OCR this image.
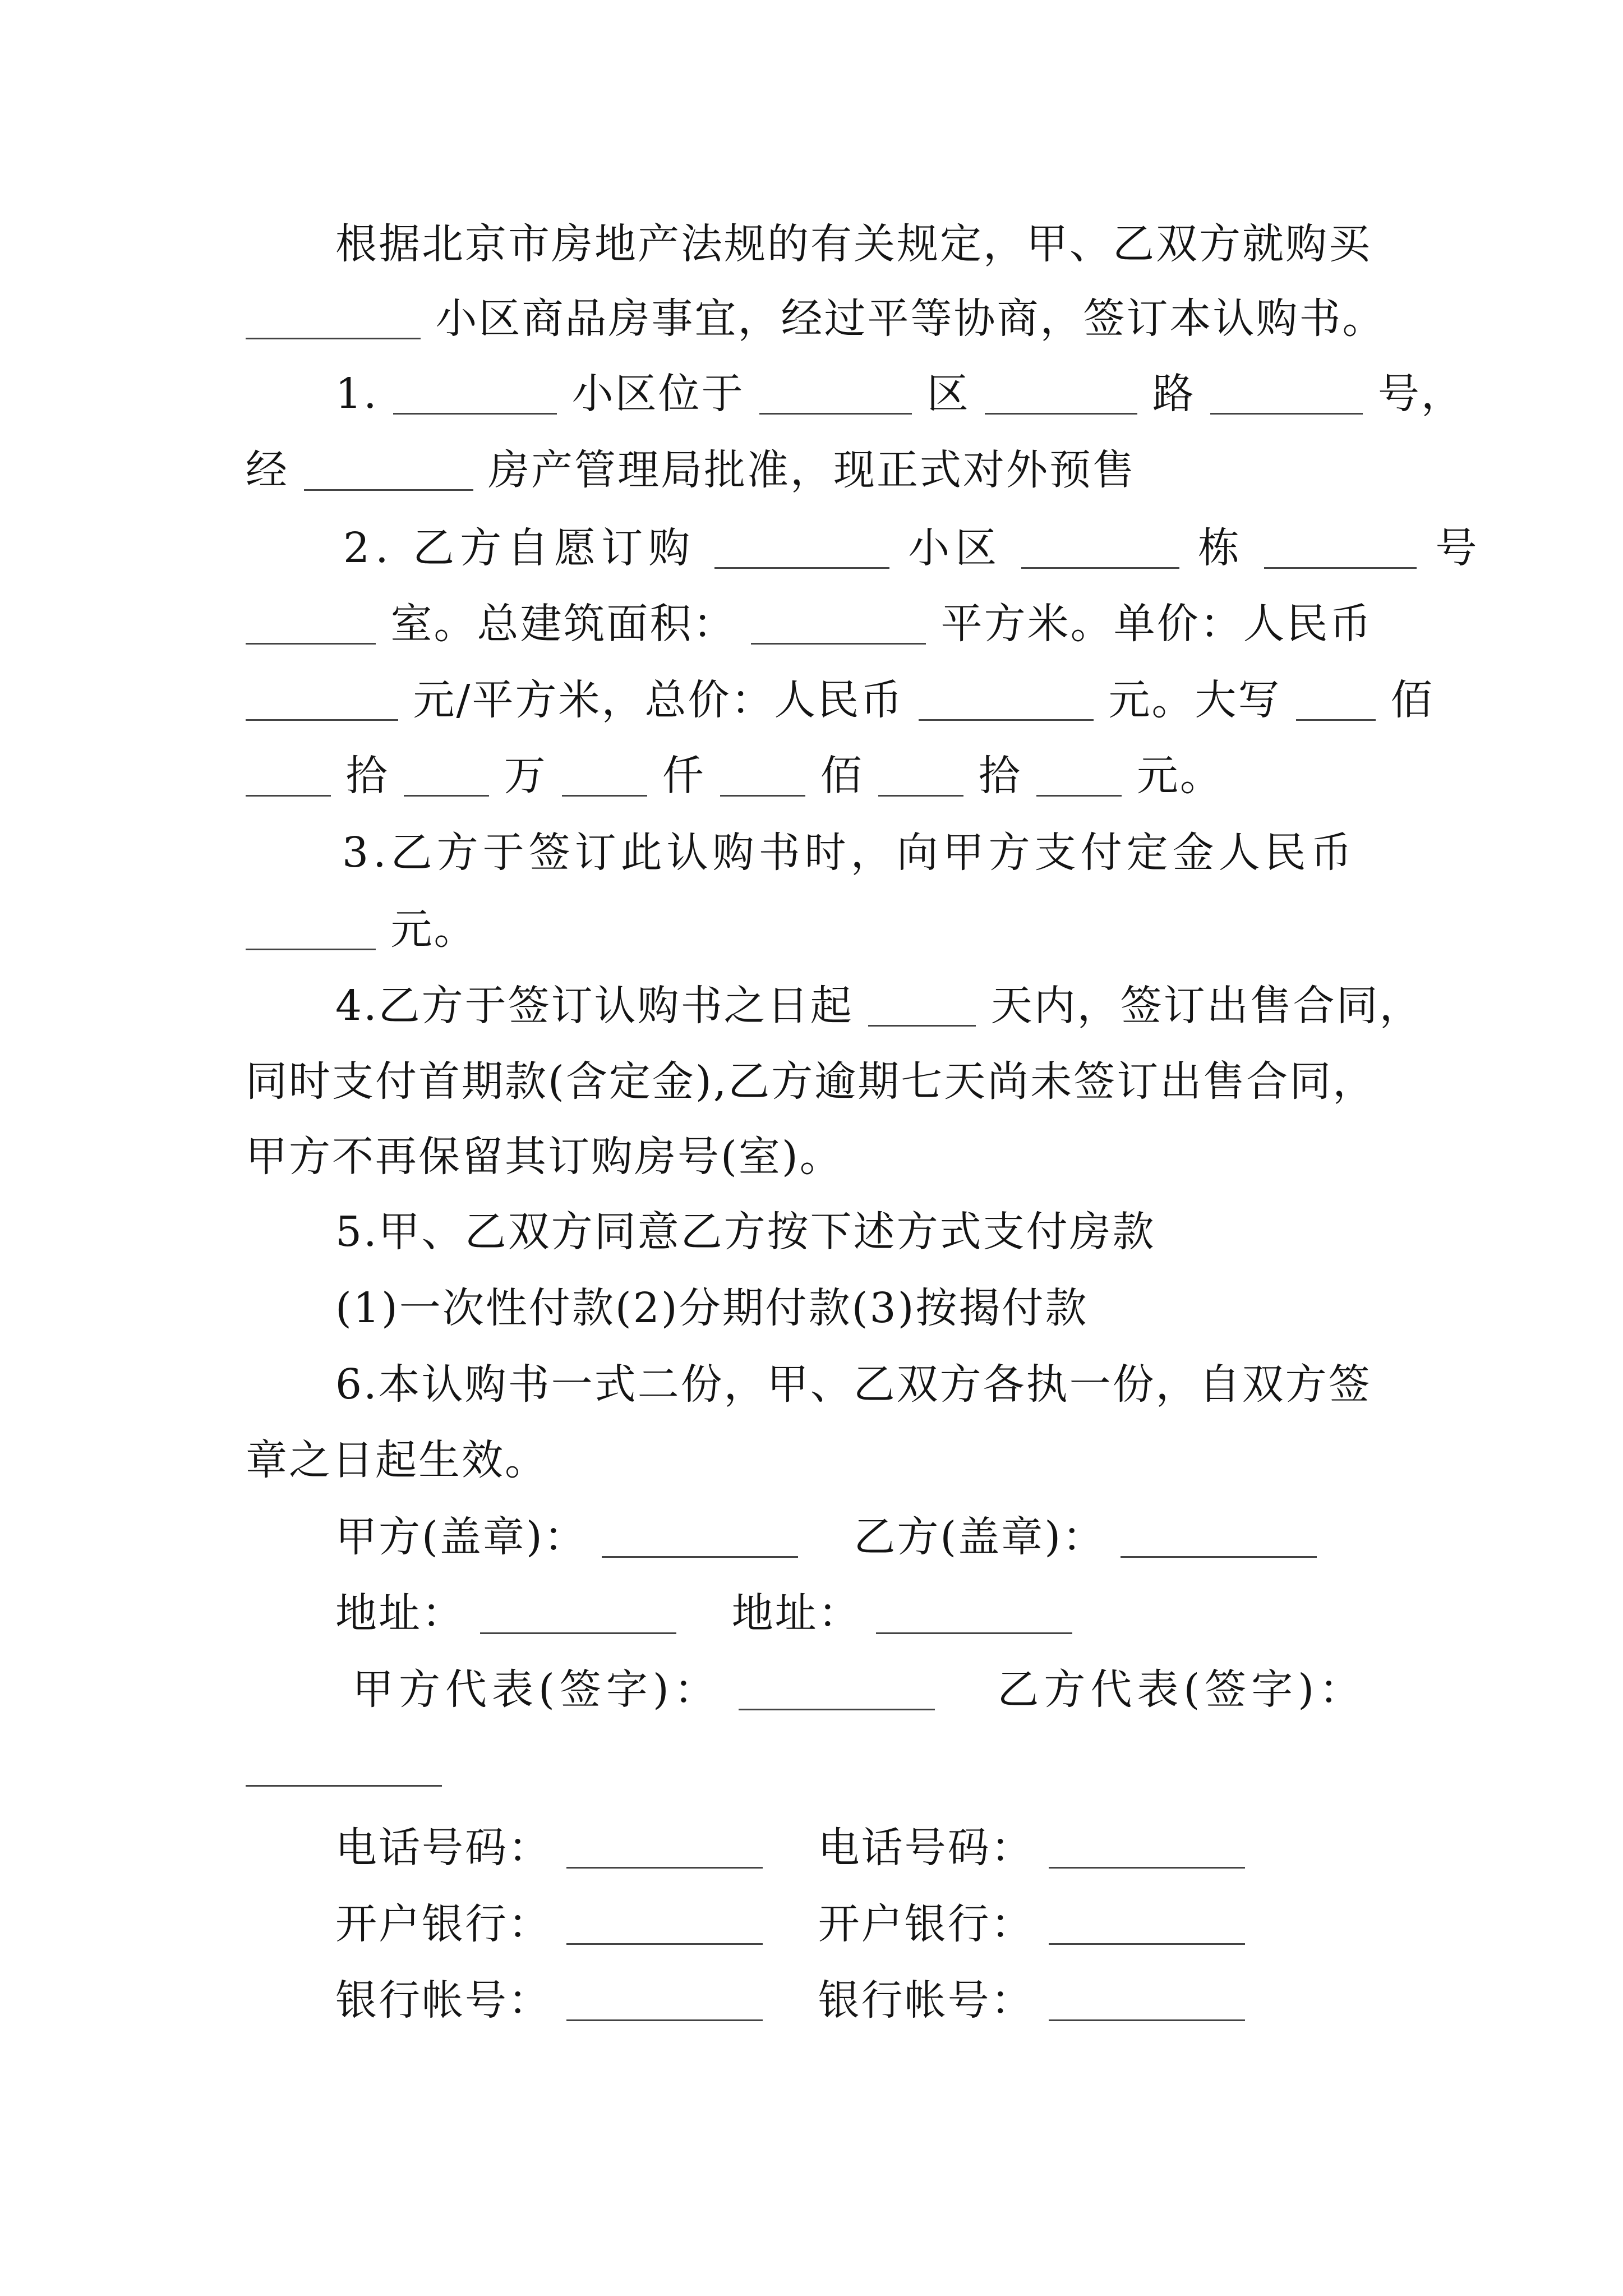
根据北京市房地产法规的有关规定，甲、乙双方就购买
小区商品房事宜，经过平等协商，签订本认购书。
1.	小区位于	区	路	号，
经	房产管理局批准，现正式对外预售
2. 乙方自愿订购	小区	栋	号
室。总建筑面积：	平方米。单价：人民币
元/平方米，总价：人民币	元。大写	佰
拾	万	仟	佰	拾	元。
3.乙方于签订此认购书时，向甲方支付定金人民币
元。
4.乙方于签订认购书之日起	天内，签订出售合同，
同时支付首期款(含定金),乙方逾期七天尚未签订出售合同，
甲方不再保留其订购房号(室)。
5.甲、乙双方同意乙方按下述方式支付房款
(1)一次性付款(2)分期付款(3)按揭付款
6.本认购书一式二份，甲、乙双方各执一份，自双方签
章之日起生效。
甲方(盖章)：	乙方(盖章)：
地址：	地址：
甲方代表(签字)：	乙方代表(签字)：
电话号码：	电话号码：
开户银行：	开户银行：
银行帐号：	银行帐号：
